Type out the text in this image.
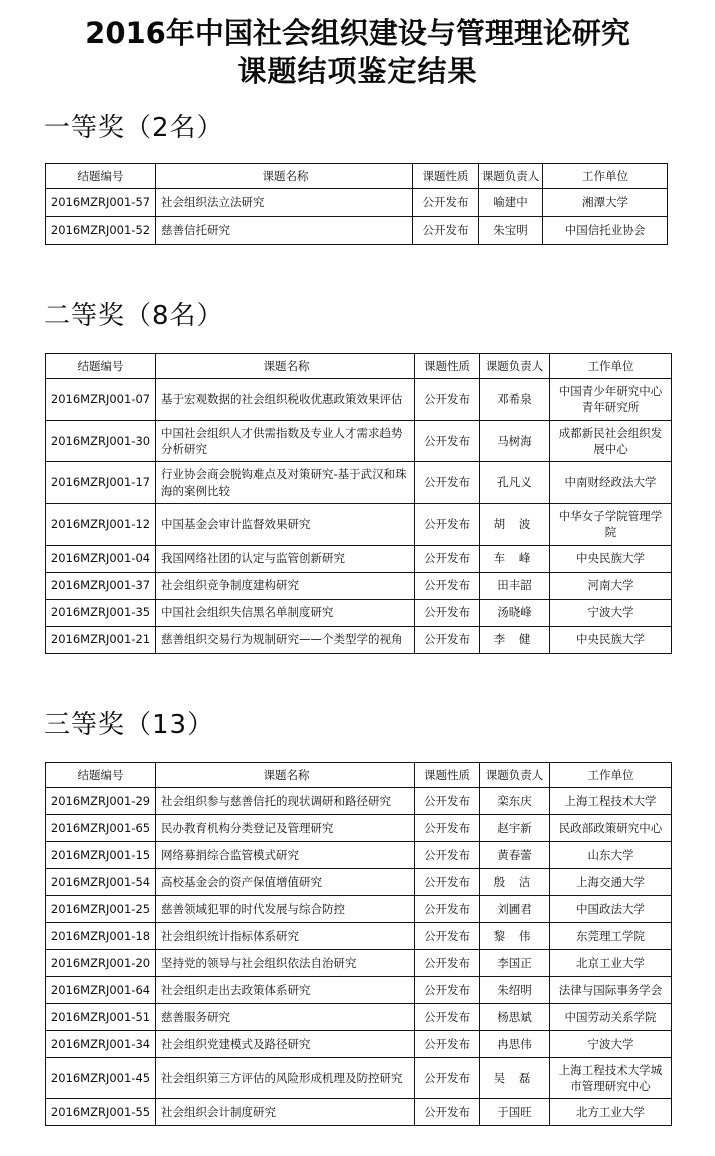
2016年中国社会组织建设与管理理论研究
课题结项鉴定结果
一等奖（2名）
结题编号	课题名称	课题性质	课题负责人	工作单位
2016MZRJ001-57	社会组织法立法研究	公开发布	喻建中	湘潭大学
2016MZRJ001-52	慈善信托研究	公开发布	朱宝明	中国信托业协会
二等奖（8名）
结题编号	课题名称	课题性质	课题负责人	工作单位
2016MZRJ001-07	基于宏观数据的社会组织税收优惠政策效果评估	公开发布	邓希泉	中国青少年研究中心青年研究所
2016MZRJ001-30	中国社会组织人才供需指数及专业人才需求趋势分析研究	公开发布	马树海	成都新民社会组织发展中心
2016MZRJ001-17	行业协会商会脱钩难点及对策研究-基于武汉和珠海的案例比较	公开发布	孔凡义	中南财经政法大学
2016MZRJ001-12	中国基金会审计监督效果研究	公开发布	胡 波	中华女子学院管理学院
2016MZRJ001-04	我国网络社团的认定与监管创新研究	公开发布	车 峰	中央民族大学
2016MZRJ001-37	社会组织竞争制度建构研究	公开发布	田丰韶	河南大学
2016MZRJ001-35	中国社会组织失信黑名单制度研究	公开发布	汤晓峰	宁波大学
2016MZRJ001-21	慈善组织交易行为规制研究——个类型学的视角	公开发布	李 健	中央民族大学
三等奖（13）
结题编号	课题名称	课题性质	课题负责人	工作单位
2016MZRJ001-29	社会组织参与慈善信托的现状调研和路径研究	公开发布	栾东庆	上海工程技术大学
2016MZRJ001-65	民办教育机构分类登记及管理研究	公开发布	赵宇新	民政部政策研究中心
2016MZRJ001-15	网络募捐综合监管模式研究	公开发布	黄春蕾	山东大学
2016MZRJ001-54	高校基金会的资产保值增值研究	公开发布	殷 洁	上海交通大学
2016MZRJ001-25	慈善领域犯罪的时代发展与综合防控	公开发布	刘圃君	中国政法大学
2016MZRJ001-18	社会组织统计指标体系研究	公开发布	黎 伟	东莞理工学院
2016MZRJ001-20	坚持党的领导与社会组织依法自治研究	公开发布	李国正	北京工业大学
2016MZRJ001-64	社会组织走出去政策体系研究	公开发布	朱绍明	法律与国际事务学会
2016MZRJ001-51	慈善服务研究	公开发布	杨思斌	中国劳动关系学院
2016MZRJ001-34	社会组织党建模式及路径研究	公开发布	冉思伟	宁波大学
2016MZRJ001-45	社会组织第三方评估的风险形成机理及防控研究	公开发布	吴 磊	上海工程技术大学城市管理研究中心
2016MZRJ001-55	社会组织会计制度研究	公开发布	于国旺	北方工业大学
